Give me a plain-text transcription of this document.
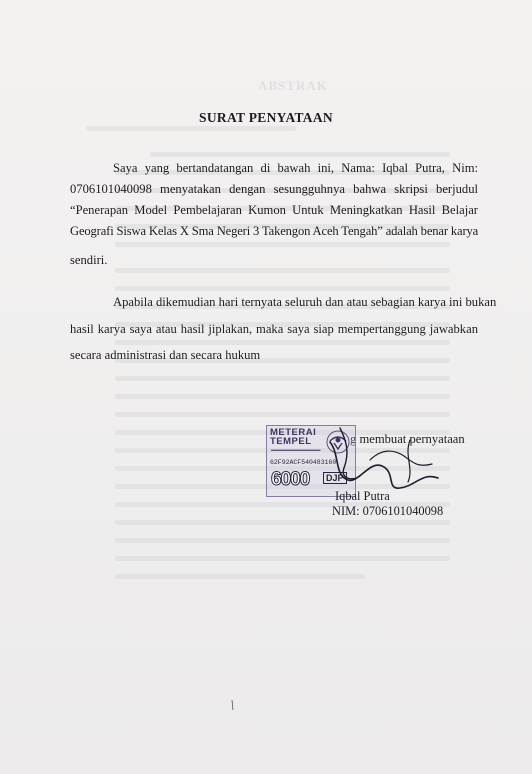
ABSTRAK
SURAT PENYATAAN
Saya yang bertandatangan di bawah ini, Nama: Iqbal Putra, Nim:
0706101040098 menyatakan dengan sesungguhnya bahwa skripsi berjudul
“Penerapan Model Pembelajaran Kumon Untuk Meningkatkan Hasil Belajar
Geografi Siswa Kelas X Sma Negeri 3 Takengon Aceh Tengah” adalah benar karya
sendiri.
Apabila dikemudian hari ternyata seluruh dan atau sebagian karya ini bukan
hasil karya saya atau hasil jiplakan, maka saya siap mempertanggung jawabkan
secara administrasi dan secara hukum
g membuat pernyataan
METERAI
TEMPEL
▬▬▬▬▬▬▬▬▬▬▬
62F92ACF540483160
6000	DJP
Iqbal Putra
NIM: 0706101040098
